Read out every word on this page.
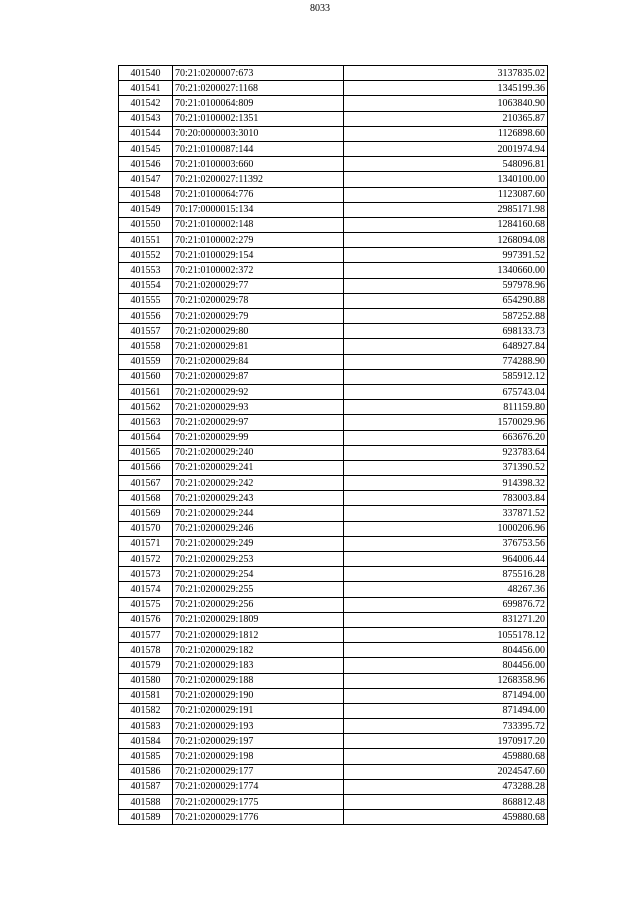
8033
401540	70:21:0200007:673	3137835.02
401541	70:21:0200027:1168	1345199.36
401542	70:21:0100064:809	1063840.90
401543	70:21:0100002:1351	210365.87
401544	70:20:0000003:3010	1126898.60
401545	70:21:0100087:144	2001974.94
401546	70:21:0100003:660	548096.81
401547	70:21:0200027:11392	1340100.00
401548	70:21:0100064:776	1123087.60
401549	70:17:0000015:134	2985171.98
401550	70:21:0100002:148	1284160.68
401551	70:21:0100002:279	1268094.08
401552	70:21:0100029:154	997391.52
401553	70:21:0100002:372	1340660.00
401554	70:21:0200029:77	597978.96
401555	70:21:0200029:78	654290.88
401556	70:21:0200029:79	587252.88
401557	70:21:0200029:80	698133.73
401558	70:21:0200029:81	648927.84
401559	70:21:0200029:84	774288.90
401560	70:21:0200029:87	585912.12
401561	70:21:0200029:92	675743.04
401562	70:21:0200029:93	811159.80
401563	70:21:0200029:97	1570029.96
401564	70:21:0200029:99	663676.20
401565	70:21:0200029:240	923783.64
401566	70:21:0200029:241	371390.52
401567	70:21:0200029:242	914398.32
401568	70:21:0200029:243	783003.84
401569	70:21:0200029:244	337871.52
401570	70:21:0200029:246	1000206.96
401571	70:21:0200029:249	376753.56
401572	70:21:0200029:253	964006.44
401573	70:21:0200029:254	875516.28
401574	70:21:0200029:255	48267.36
401575	70:21:0200029:256	699876.72
401576	70:21:0200029:1809	831271.20
401577	70:21:0200029:1812	1055178.12
401578	70:21:0200029:182	804456.00
401579	70:21:0200029:183	804456.00
401580	70:21:0200029:188	1268358.96
401581	70:21:0200029:190	871494.00
401582	70:21:0200029:191	871494.00
401583	70:21:0200029:193	733395.72
401584	70:21:0200029:197	1970917.20
401585	70:21:0200029:198	459880.68
401586	70:21:0200029:177	2024547.60
401587	70:21:0200029:1774	473288.28
401588	70:21:0200029:1775	868812.48
401589	70:21:0200029:1776	459880.68
